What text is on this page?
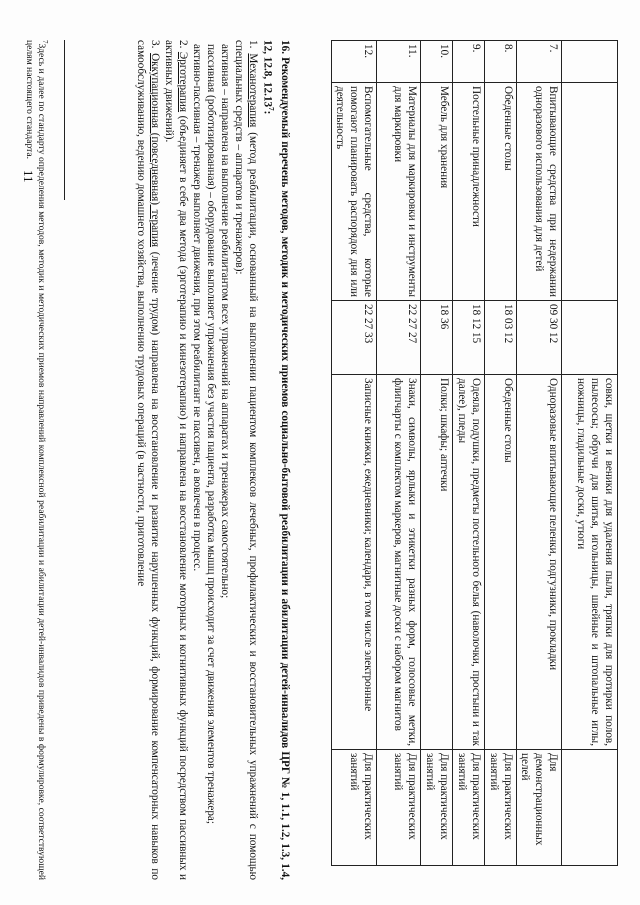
			совки, щетки и веники для удаления пыли, тряпки для протирки полов, пылесосы; обручи для шитья, игольницы, швейные и штопальные иглы, ножницы, гладильные доски, утюги	
7.	Впитывающие средства при недержании одноразового использования для детей	09 30 12	Одноразовые впитывающие пеленки, подгузники, прокладки	Для демонстрационных целей
8.	Обеденные столы	18 03 12	Обеденные столы	Для практических занятий
9.	Постельные принадлежности	18 12 15	Одеяла, подушки, предметы постельного белья (наволочки, простыни и так далее), пледы	Для практических занятий
10.	Мебель для хранения	18 36	Полки; шкафы; аптечки	Для практических занятий
11.	Материалы для маркировки и инструменты для маркировки	22 27 27	Знаки, символы, ярлыки и этикетки разных форм, голосовые метки, флипчарты с комплектом маркеров, магнитные доски с набором магнитов	Для практических занятий
12.	Вспомогательные средства, которые помогают планировать распорядок дня или деятельность	22 27 33	Записные книжки, ежедневники; календари, в том числе электронные	Для практических занятий

16. Рекомендуемый перечень методов, методик и методических приемов социально-бытовой реабилитации и абилитации детей-инвалидов ЦРГ № 1, 1.1, 1.2, 1.3, 1.4, 12, 12.8, 12.13$^7$:

1. Механотерапия (метод реабилитации, основанный на выполнении пациентом комплексов лечебных, профилактических и восстановительных упражнений с помощью специальных средств – аппаратов и тренажеров):

активная – направлена на выполнение реабилитантом всех упражнений на аппаратах и тренажерах самостоятельно;

пассивная (роботизированная) – оборудование выполняет упражнения без участия пациента, разработка мышц происходит за счет движения элементов тренажера;

активно-пассивная – тренажер выполняет движения, при этом реабилитант не пассивен, а вовлечен в процесс.

2. Эрготерапия (объединяет в себе два метода (эрготерапию и кинезотерапию) и направлена на восстановление моторных и когнитивных функций посредством пассивных и активных движений).

3. Оккупационная (повседневная) терапия (лечение трудом) направлена на восстановление и развитие нарушенных функций, формирование компенсаторных навыков по самообслуживанию, ведению домашнего хозяйства, выполнению трудовых операций (в частности, приготовление

$^7$Здесь и далее по стандарту определения методов, методик и методических приемов направлений комплексной реабилитации и абилитации детей-инвалидов приведены в формулировке, соответствующей целям настоящего стандарта.

11
